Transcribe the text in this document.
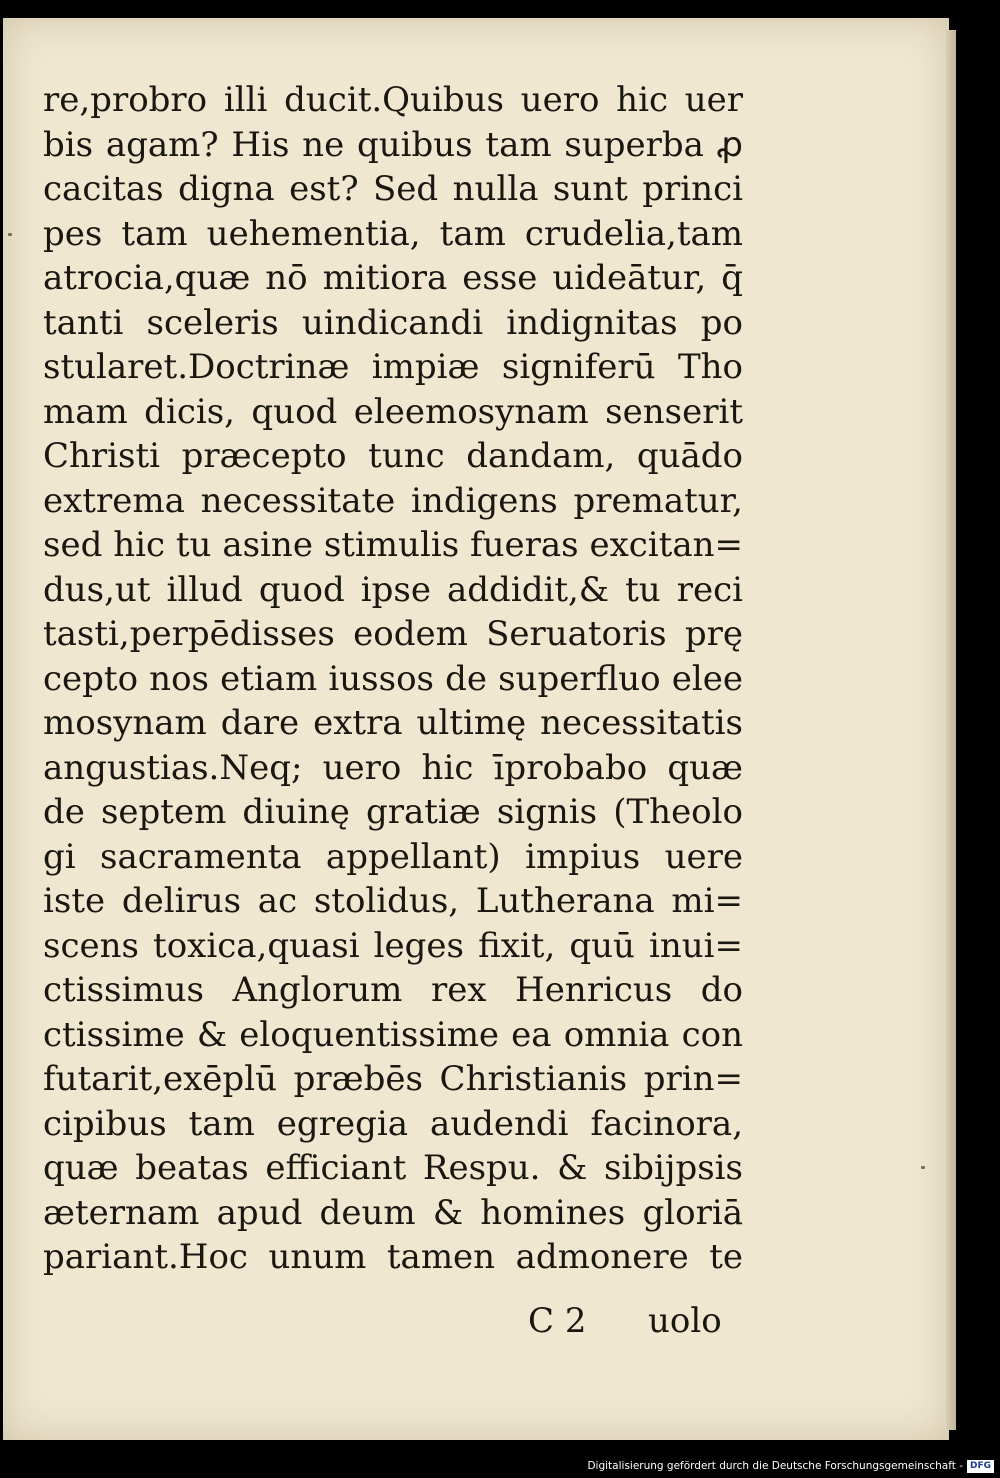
re,probro illi ducit.Quibus uero hic uer
bis agam? His ne quibus tam superba ꝓ
cacitas digna est? Sed nulla sunt princi
pes tam uehementia, tam crudelia,tam
atrocia,quæ nō mitiora esse uideātur, q̄
tanti sceleris uindicandi indignitas po
stularet.Doctrinæ impiæ signiferū Tho
mam dicis, quod eleemosynam senserit
Christi præcepto tunc dandam, quādo
extrema necessitate indigens prematur,
sed hic tu asine stimulis fueras excitan=
dus,ut illud quod ipse addidit,& tu reci
tasti,perpēdisses eodem Seruatoris prę
cepto nos etiam iussos de superfluo elee
mosynam dare extra ultimę necessitatis
angustias.Neq; uero hic īprobabo quæ
de septem diuinę gratiæ signis (Theolo
gi sacramenta appellant) impius uere
iste delirus ac stolidus, Lutherana mi=
scens toxica,quasi leges fixit, quū inui=
ctissimus Anglorum rex Henricus do
ctissime & eloquentissime ea omnia con
futarit,exēplū præbēs Christianis prin=
cipibus tam egregia audendi facinora,
quæ beatas efficiant Respu. & sibijpsis
æternam apud deum & homines gloriā
pariant.Hoc unum tamen admonere te
C 2 uolo
Digitalisierung gefördert durch die Deutsche Forschungsgemeinschaft - DFG
